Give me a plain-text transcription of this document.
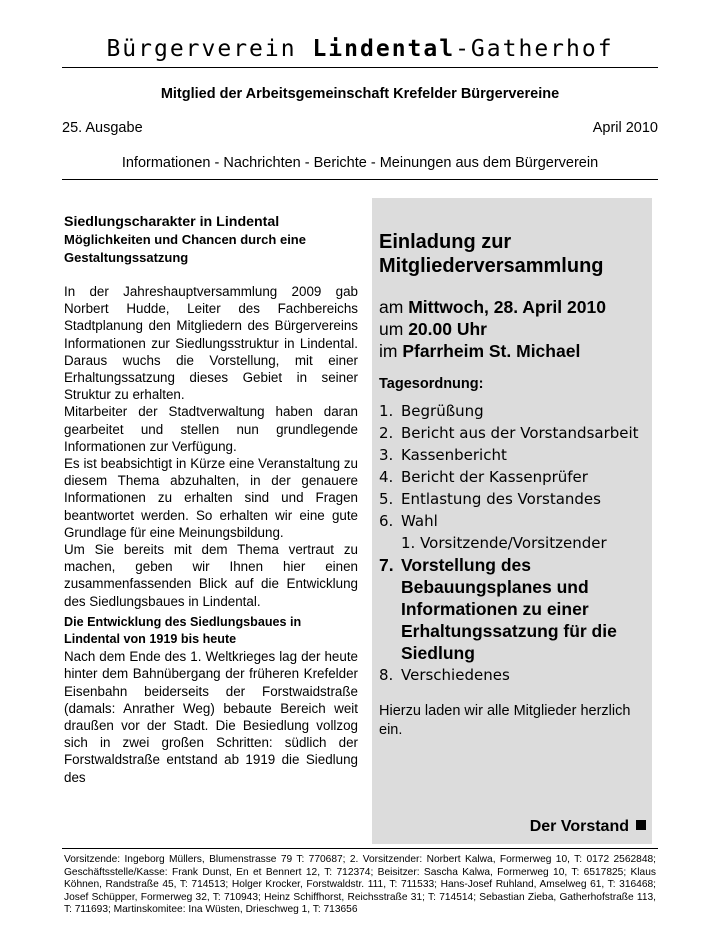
Bürgerverein Lindental-Gatherhof
Mitglied der Arbeitsgemeinschaft Krefelder Bürgervereine
25. Ausgabe	April 2010
Informationen - Nachrichten - Berichte - Meinungen aus dem Bürgerverein
Siedlungscharakter in Lindental
Möglichkeiten und Chancen durch eine Gestaltungssatzung

In der Jahreshauptversammlung 2009 gab Norbert Hudde, Leiter des Fachbereichs Stadtplanung den Mitgliedern des Bürgervereins Informationen zur Siedlungsstruktur in Lindental. Daraus wuchs die Vorstellung, mit einer Erhaltungssatzung dieses Gebiet in seiner Struktur zu erhalten.

Mitarbeiter der Stadtverwaltung haben daran gearbeitet und stellen nun grundlegende Informationen zur Verfügung.

Es ist beabsichtigt in Kürze eine Veranstaltung zu diesem Thema abzuhalten, in der genauere Informationen zu erhalten sind und Fragen beantwortet werden. So erhalten wir eine gute Grundlage für eine Meinungsbildung.

Um Sie bereits mit dem Thema vertraut zu machen, geben wir Ihnen hier einen zusammenfassenden Blick auf die Entwicklung des Siedlungsbaues in Lindental.

Die Entwicklung des Siedlungsbaues in Lindental von 1919 bis heute

Nach dem Ende des 1. Weltkrieges lag der heute hinter dem Bahnübergang der früheren Krefelder Eisenbahn beiderseits der Forstwaidstraße (damals: Anrather Weg) bebaute Bereich weit draußen vor der Stadt. Die Besiedlung vollzog sich in zwei großen Schritten: südlich der Forstwaldstraße entstand ab 1919 die Siedlung des

Einladung zur
Mitgliederversammlung
am Mittwoch, 28. April 2010
um 20.00 Uhr
im Pfarrheim St. Michael
Tagesordnung:
1. Begrüßung
2. Bericht aus der Vorstandsarbeit
3. Kassenbericht
4. Bericht der Kassenprüfer
5. Entlastung des Vorstandes
6. Wahl
1. Vorsitzende/Vorsitzender
7. Vorstellung des Bebauungsplanes und Informationen zu einer Erhaltungssatzung für die Siedlung
8. Verschiedenes
Hierzu laden wir alle Mitglieder herzlich ein.
Der Vorstand
Vorsitzende: Ingeborg Müllers, Blumenstrasse 79 T: 770687; 2. Vorsitzender: Norbert Kalwa, Formerweg 10, T: 0172 2562848; Geschäftsstelle/Kasse: Frank Dunst, En et Bennert 12, T: 712374; Beisitzer: Sascha Kalwa, Formerweg 10, T: 6517825; Klaus Köhnen, Randstraße 45, T: 714513; Holger Krocker, Forstwaldstr. 111, T: 711533; Hans-Josef Ruhland, Amselweg 61, T: 316468; Josef Schüpper, Formerweg 32, T: 710943; Heinz Schiffhorst, Reichsstraße 31; T: 714514; Sebastian Zieba, Gatherhofstraße 113, T: 711693; Martinskomitee: Ina Wüsten, Drieschweg 1, T: 713656
